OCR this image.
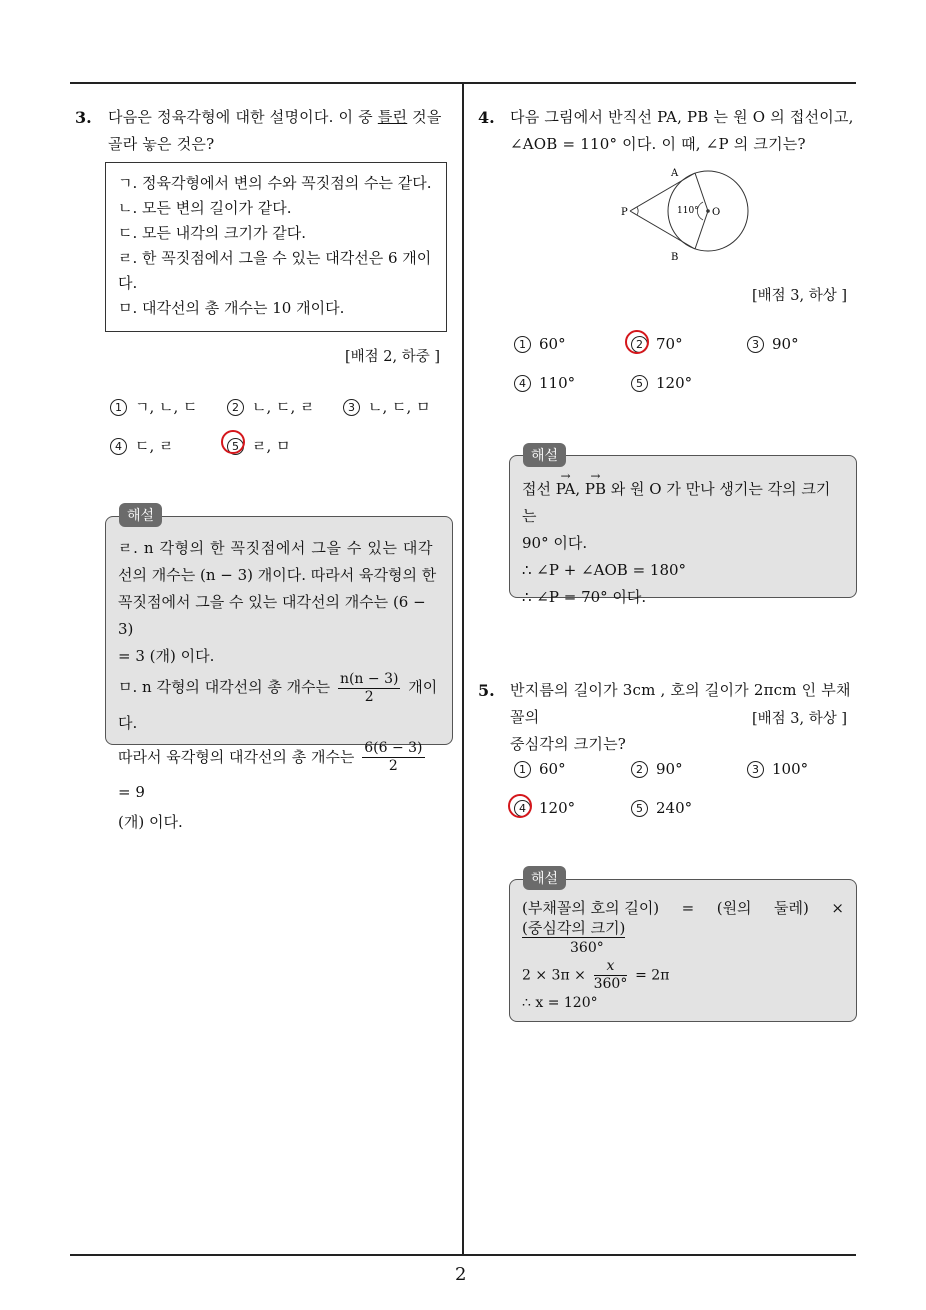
2
3. 다음은 정육각형에 대한 설명이다. 이 중 틀린 것을
골라 놓은 것은?
ㄱ. 정육각형에서 변의 수와 꼭짓점의 수는 같다.
ㄴ. 모든 변의 길이가 같다.
ㄷ. 모든 내각의 크기가 같다.
ㄹ. 한 꼭짓점에서 그을 수 있는 대각선은 6 개이
다.
ㅁ. 대각선의 총 개수는 10 개이다.
[배점 2, 하중 ]
1 ㄱ, ㄴ, ㄷ	2 ㄴ, ㄷ, ㄹ	3 ㄴ, ㄷ, ㅁ
4 ㄷ, ㄹ	5 ㄹ, ㅁ
ㄹ. n 각형의 한 꼭짓점에서 그을 수 있는 대각
선의 개수는 (n − 3) 개이다. 따라서 육각형의 한
꼭짓점에서 그을 수 있는 대각선의 개수는 (6 − 3)
= 3 (개) 이다.
ㅁ. n 각형의 대각선의 총 개수는 $\frac{n(n - 3)}{2}$ 개이다.
따라서 육각형의 대각선의 총 개수는 $\frac{6(6 - 3)}{2}$
= 9
(개) 이다.
해설
4. 다음 그림에서 반직선 PA, PB 는 원 O 의 접선이고,
∠AOB = 110° 이다. 이 때, ∠P 의 크기는?
A
B
P	O
110°
[배점 3, 하상 ]
1 60°	2 70°	3 90°
4 110°	5 120°
접선 → PA, → PB 와 원 O 가 만나 생기는 각의 크기는
90° 이다.
∴ ∠P + ∠AOB = 180°
∴ ∠P = 70° 이다.
해설
5. 반지름의 길이가 3cm , 호의 길이가 2πcm 인 부채꼴의
중심각의 크기는?
[배점 3, 하상 ]
1 60°	2 90°	3 100°
4 120°	5 240°
(부채꼴의 호의 길이) = (원의 둘레) ×
(중심각의 크기)
360°
$2 \times 3\pi \times \frac{x}{360^\circ} = 2\pi$
∴ x = 120°
해설
